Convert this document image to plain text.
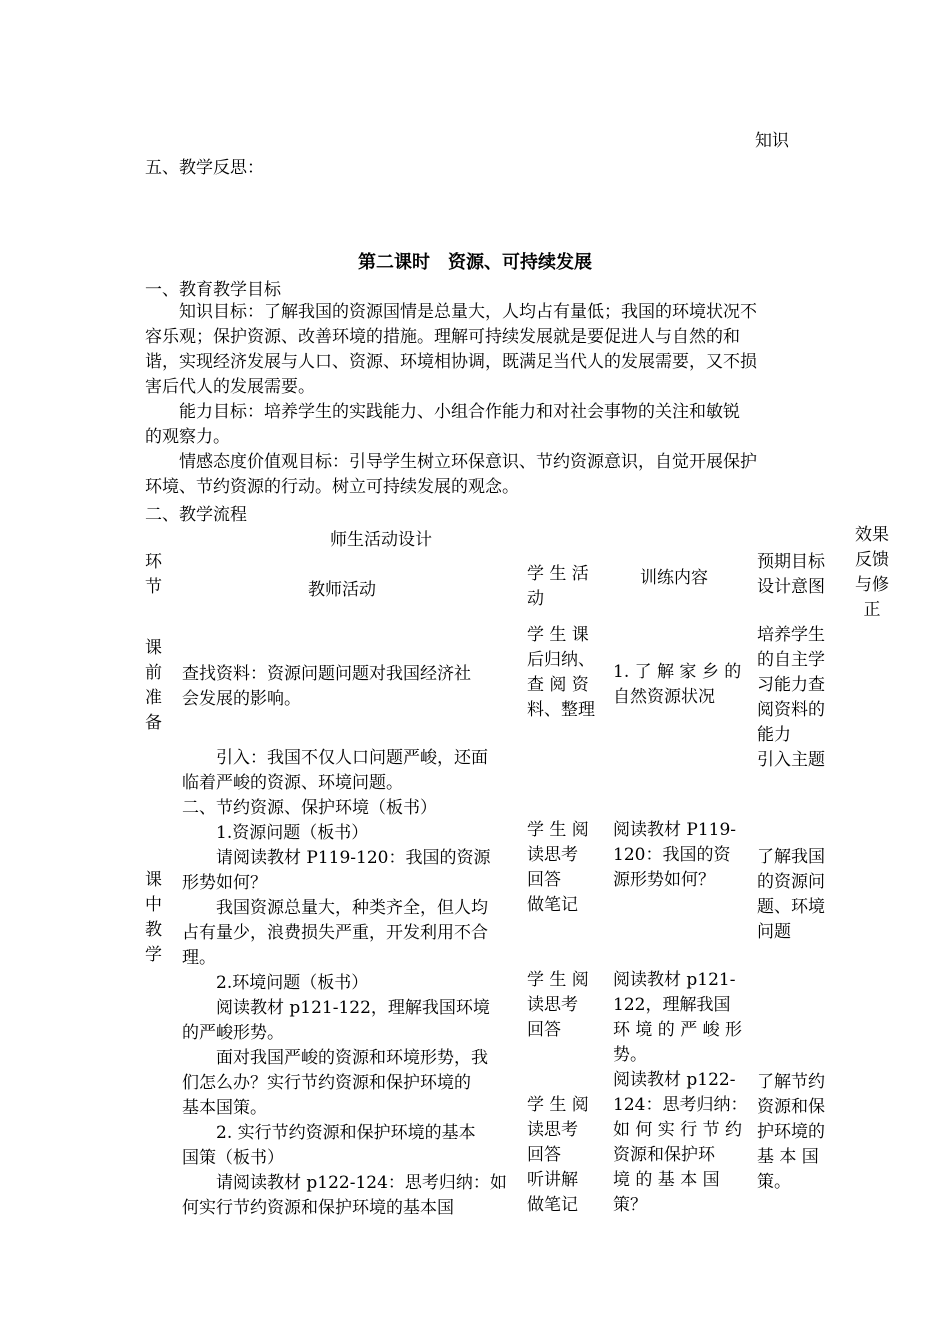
知识
五、教学反思：
第二课时　资源、可持续发展
一、教育教学目标
知识目标：了解我国的资源国情是总量大，人均占有量低；我国的环境状况不
容乐观；保护资源、改善环境的措施。理解可持续发展就是要促进人与自然的和
谐，实现经济发展与人口、资源、环境相协调，既满足当代人的发展需要，又不损
害后代人的发展需要。
能力目标：培养学生的实践能力、小组合作能力和对社会事物的关注和敏锐
的观察力。
情感态度价值观目标：引导学生树立环保意识、节约资源意识，自觉开展保护
环境、节约资源的行动。树立可持续发展的观念。
二、教学流程
师生活动设计
环
节	教师活动
学 生 活
动
训练内容
预期目标
设计意图
效果
反馈
与修
正
课
前
准
备
查找资料：资源问题问题对我国经济社
会发展的影响。
学 生 课
后归纳、
查 阅 资
料、整理
1. 了 解 家 乡 的
自然资源状况
培养学生
的自主学
习能力查
阅资料的
能力
引入主题
课
中
教
学
　　引入：我国不仅人口问题严峻，还面
临着严峻的资源、环境问题。
二、节约资源、保护环境（板书）
　　1.资源问题（板书）
　　请阅读教材 P119-120：我国的资源
形势如何？
　　我国资源总量大，种类齐全，但人均
占有量少，浪费损失严重，开发利用不合
理。
　　2.环境问题（板书）
　　阅读教材 p121-122，理解我国环境
的严峻形势。
　　面对我国严峻的资源和环境形势，我
们怎么办？实行节约资源和保护环境的
基本国策。
　　2. 实行节约资源和保护环境的基本
国策（板书）
　　请阅读教材 p122-124：思考归纳：如
何实行节约资源和保护环境的基本国
学 生 阅
读思考
回答
做笔记
学 生 阅
读思考
回答
学 生 阅
读思考
回答
听讲解
做笔记
阅读教材 P119-
120：我国的资
源形势如何？
阅读教材 p121-
122，理解我国
环 境 的 严 峻 形
势。
阅读教材 p122-
124：思考归纳：
如 何 实 行 节 约
资源和保护环
境 的 基 本 国
策？
了解我国
的资源问
题、环境
问题
了解节约
资源和保
护环境的
基 本 国
策。
